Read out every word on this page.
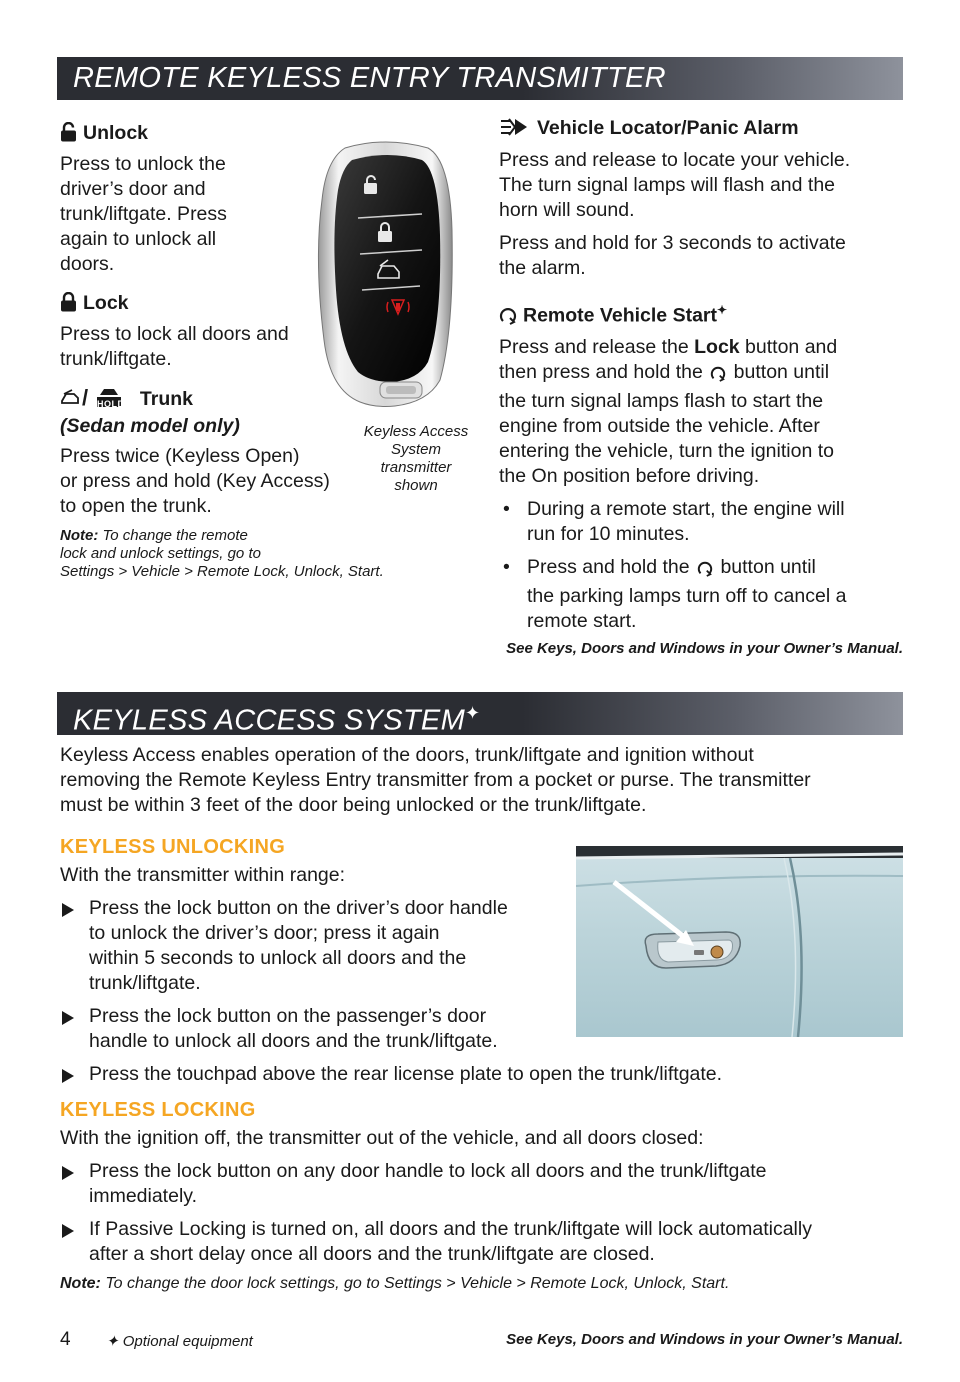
REMOTE KEYLESS ENTRY TRANSMITTER
Unlock
Press to unlock the
driver’s door and
trunk/liftgate. Press
again to unlock all
doors.
Lock
Press to lock all doors and
trunk/liftgate.
/ HOLD Trunk
(Sedan model only)
Press twice (Keyless Open)
or press and hold (Key Access)
to open the trunk.
Note: To change the remote
lock and unlock settings, go to
Settings > Vehicle > Remote Lock, Unlock, Start.
Keyless Access
System
transmitter
shown
Vehicle Locator/Panic Alarm
Press and release to locate your vehicle.
The turn signal lamps will flash and the
horn will sound.
Press and hold for 3 seconds to activate
the alarm.
Remote Vehicle Start✦
Press and release the Lock button and
then press and hold the  button until
the turn signal lamps flash to start the
engine from outside the vehicle. After
entering the vehicle, turn the ignition to
the On position before driving.
• During a remote start, the engine will
run for 10 minutes.
• Press and hold the  button until
the parking lamps turn off to cancel a
remote start.
See Keys, Doors and Windows in your Owner’s Manual.
KEYLESS ACCESS SYSTEM✦
Keyless Access enables operation of the doors, trunk/liftgate and ignition without
removing the Remote Keyless Entry transmitter from a pocket or purse. The transmitter
must be within 3 feet of the door being unlocked or the trunk/liftgate.
KEYLESS UNLOCKING
With the transmitter within range:
Press the lock button on the driver’s door handle
to unlock the driver’s door; press it again
within 5 seconds to unlock all doors and the
trunk/liftgate.
Press the lock button on the passenger’s door
handle to unlock all doors and the trunk/liftgate.
Press the touchpad above the rear license plate to open the trunk/liftgate.
KEYLESS LOCKING
With the ignition off, the transmitter out of the vehicle, and all doors closed:
Press the lock button on any door handle to lock all doors and the trunk/liftgate
immediately.
If Passive Locking is turned on, all doors and the trunk/liftgate will lock automatically
after a short delay once all doors and the trunk/liftgate are closed.
Note: To change the door lock settings, go to Settings > Vehicle > Remote Lock, Unlock, Start.
4 ✦ Optional equipment	See Keys, Doors and Windows in your Owner’s Manual.
